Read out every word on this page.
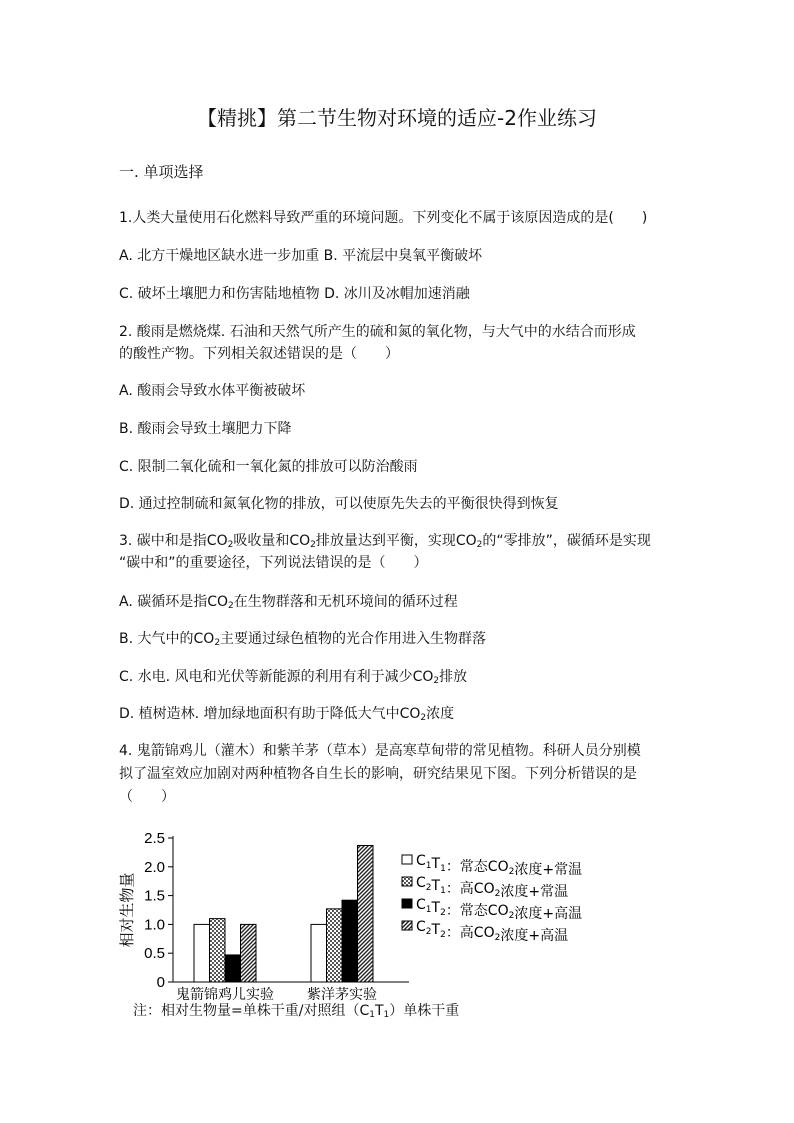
【精挑】第二节生物对环境的适应-2作业练习
一. 单项选择
1.人类大量使用石化燃料导致严重的环境问题。下列变化不属于该原因造成的是(　　)
A. 北方干燥地区缺水进一步加重 B. 平流层中臭氧平衡破坏
C. 破坏土壤肥力和伤害陆地植物 D. 冰川及冰帽加速消融
2. 酸雨是燃烧煤. 石油和天然气所产生的硫和氮的氧化物，与大气中的水结合而形成
的酸性产物。下列相关叙述错误的是（　　）
A. 酸雨会导致水体平衡被破坏
B. 酸雨会导致土壤肥力下降
C. 限制二氧化硫和一氧化氮的排放可以防治酸雨
D. 通过控制硫和氮氧化物的排放，可以使原先失去的平衡很快得到恢复
3. 碳中和是指$CO_2$吸收量和$CO_2$排放量达到平衡，实现$CO_2$的“零排放”，碳循环是实现
“碳中和”的重要途径，下列说法错误的是（　　）
A. 碳循环是指$CO_2$在生物群落和无机环境间的循环过程
B. 大气中的$CO_2$主要通过绿色植物的光合作用进入生物群落
C. 水电. 风电和光伏等新能源的利用有利于减少$CO_2$排放
D. 植树造林. 增加绿地面积有助于降低大气中$CO_2$浓度
4. 鬼箭锦鸡儿（灌木）和紫羊茅（草本）是高寒草甸带的常见植物。科研人员分别模
拟了温室效应加剧对两种植物各自生长的影响，研究结果见下图。下列分析错误的是
（　　）
0
0.5
1.0
1.5
2.0
2.5
相对生物量
鬼箭锦鸡儿实验 紫洋茅实验
$C_1T_1$：常态$CO_2$浓度+常温
$C_2T_1$：高$CO_2$浓度+常温
$C_1T_2$：常态$CO_2$浓度+高温
$C_2T_2$：高$CO_2$浓度+高温
注：相对生物量=单株干重/对照组$(C_1T_1)$单株干重
